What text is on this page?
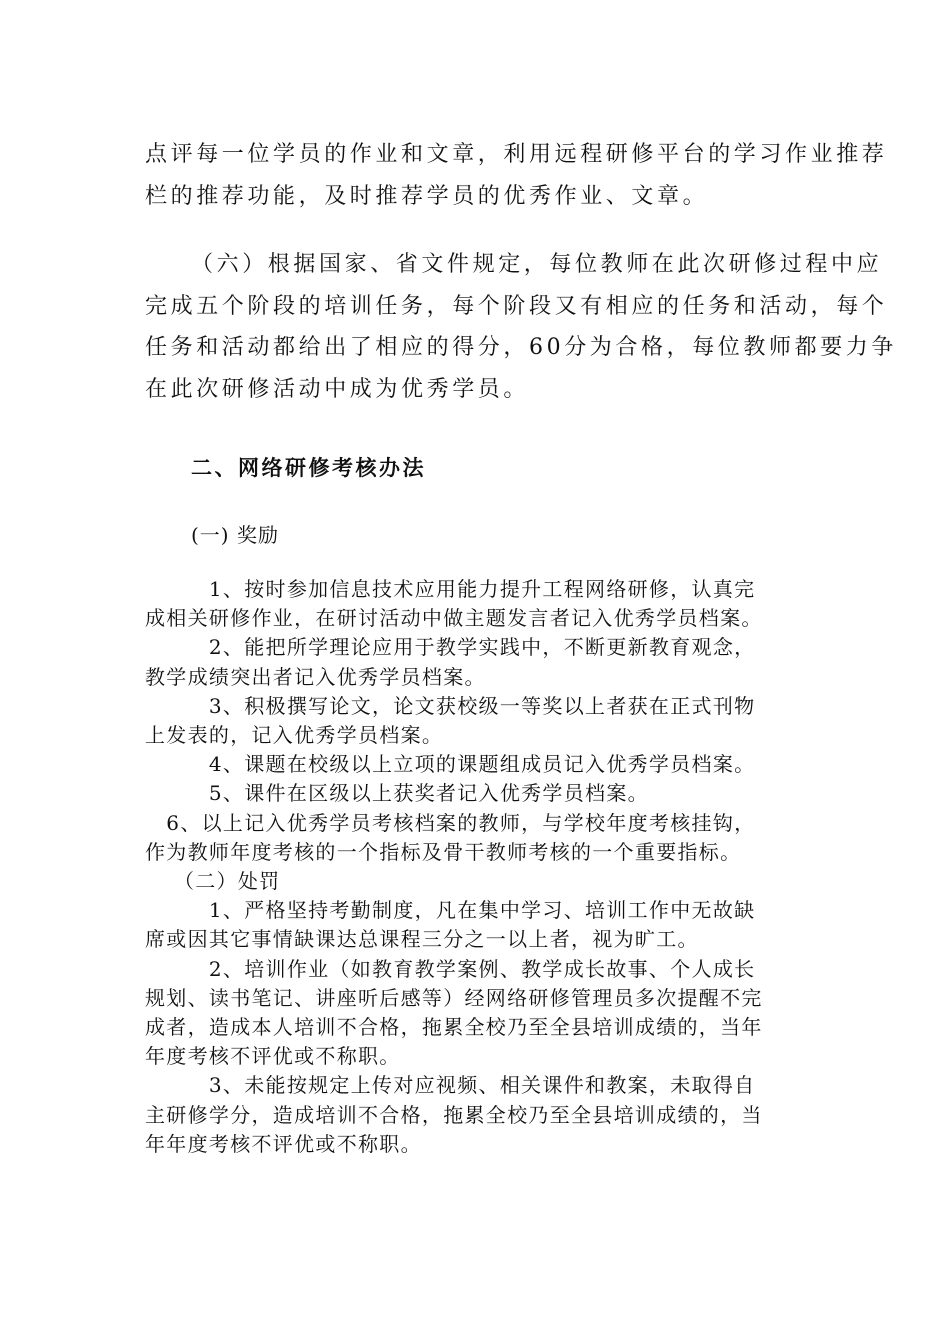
点评每一位学员的作业和文章，利用远程研修平台的学习作业推荐

栏的推荐功能，及时推荐学员的优秀作业、文章。

（六）根据国家、省文件规定，每位教师在此次研修过程中应

完成五个阶段的培训任务，每个阶段又有相应的任务和活动，每个

任务和活动都给出了相应的得分，60分为合格，每位教师都要力争

在此次研修活动中成为优秀学员。

二、网络研修考核办法
(一) 奖励

　　　1、按时参加信息技术应用能力提升工程网络研修，认真完

成相关研修作业，在研讨活动中做主题发言者记入优秀学员档案。

　　　2、能把所学理论应用于教学实践中，不断更新教育观念，

教学成绩突出者记入优秀学员档案。

　　　3、积极撰写论文，论文获校级一等奖以上者获在正式刊物

上发表的，记入优秀学员档案。

　　　4、课题在校级以上立项的课题组成员记入优秀学员档案。

　　　5、课件在区级以上获奖者记入优秀学员档案。

　6、以上记入优秀学员考核档案的教师，与学校年度考核挂钩，

作为教师年度考核的一个指标及骨干教师考核的一个重要指标。

　 （二）处罚

　　　1、严格坚持考勤制度，凡在集中学习、培训工作中无故缺

席或因其它事情缺课达总课程三分之一以上者，视为旷工。

　　　2、培训作业（如教育教学案例、教学成长故事、个人成长

规划、读书笔记、讲座听后感等）经网络研修管理员多次提醒不完

成者，造成本人培训不合格，拖累全校乃至全县培训成绩的，当年

年度考核不评优或不称职。

　　　3、未能按规定上传对应视频、相关课件和教案，未取得自

主研修学分，造成培训不合格，拖累全校乃至全县培训成绩的，当

年年度考核不评优或不称职。
